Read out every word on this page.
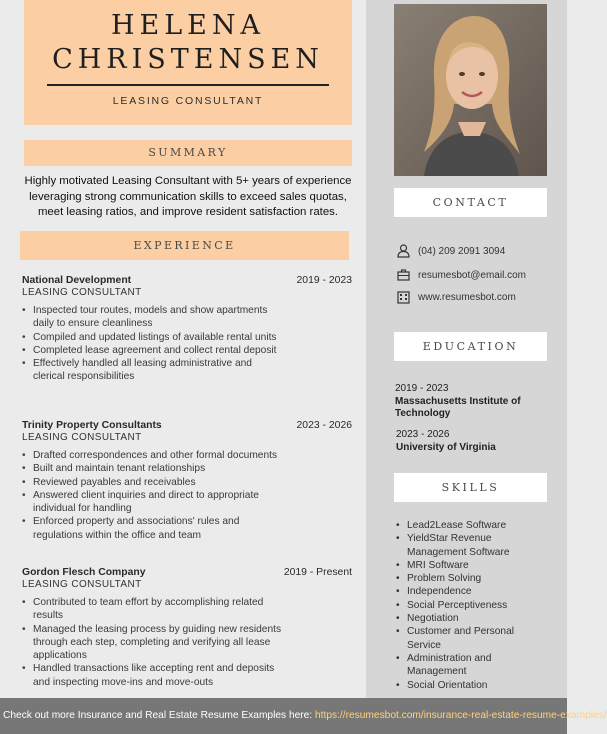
HELENA
CHRISTENSEN
LEASING CONSULTANT
SUMMARY
Highly motivated Leasing Consultant with 5+ years of experience leveraging strong communication skills to exceed sales quotas, meet leasing ratios, and improve resident satisfaction rates.
EXPERIENCE
National Development	2019 - 2023
LEASING CONSULTANT
• Inspected tour routes, models and show apartments daily to ensure cleanliness
• Compiled and updated listings of available rental units
• Completed lease agreement and collect rental deposit
• Effectively handled all leasing administrative and clerical responsibilities
Trinity Property Consultants	2023 - 2026
LEASING CONSULTANT
• Drafted correspondences and other formal documents
• Built and maintain tenant relationships
• Reviewed payables and receivables
• Answered client inquiries and direct to appropriate individual for handling
• Enforced property and associations' rules and regulations within the office and team
Gordon Flesch Company	2019 - Present
LEASING CONSULTANT
• Contributed to team effort by accomplishing related results
• Managed the leasing process by guiding new residents through each step, completing and verifying all lease applications
• Handled transactions like accepting rent and deposits and inspecting move-ins and move-outs
CONTACT
(04) 209 2091 3094
resumesbot@email.com
www.resumesbot.com
EDUCATION
2019 - 2023
Massachusetts Institute of Technology
2023 - 2026
University of Virginia
SKILLS
• Lead2Lease Software
• YieldStar Revenue Management Software
• MRI Software
• Problem Solving
• Independence
• Social Perceptiveness
• Negotiation
• Customer and Personal Service
• Administration and Management
• Social Orientation
Check out more Insurance and Real Estate Resume Examples here: https://resumesbot.com/insurance-real-estate-resume-examples/
